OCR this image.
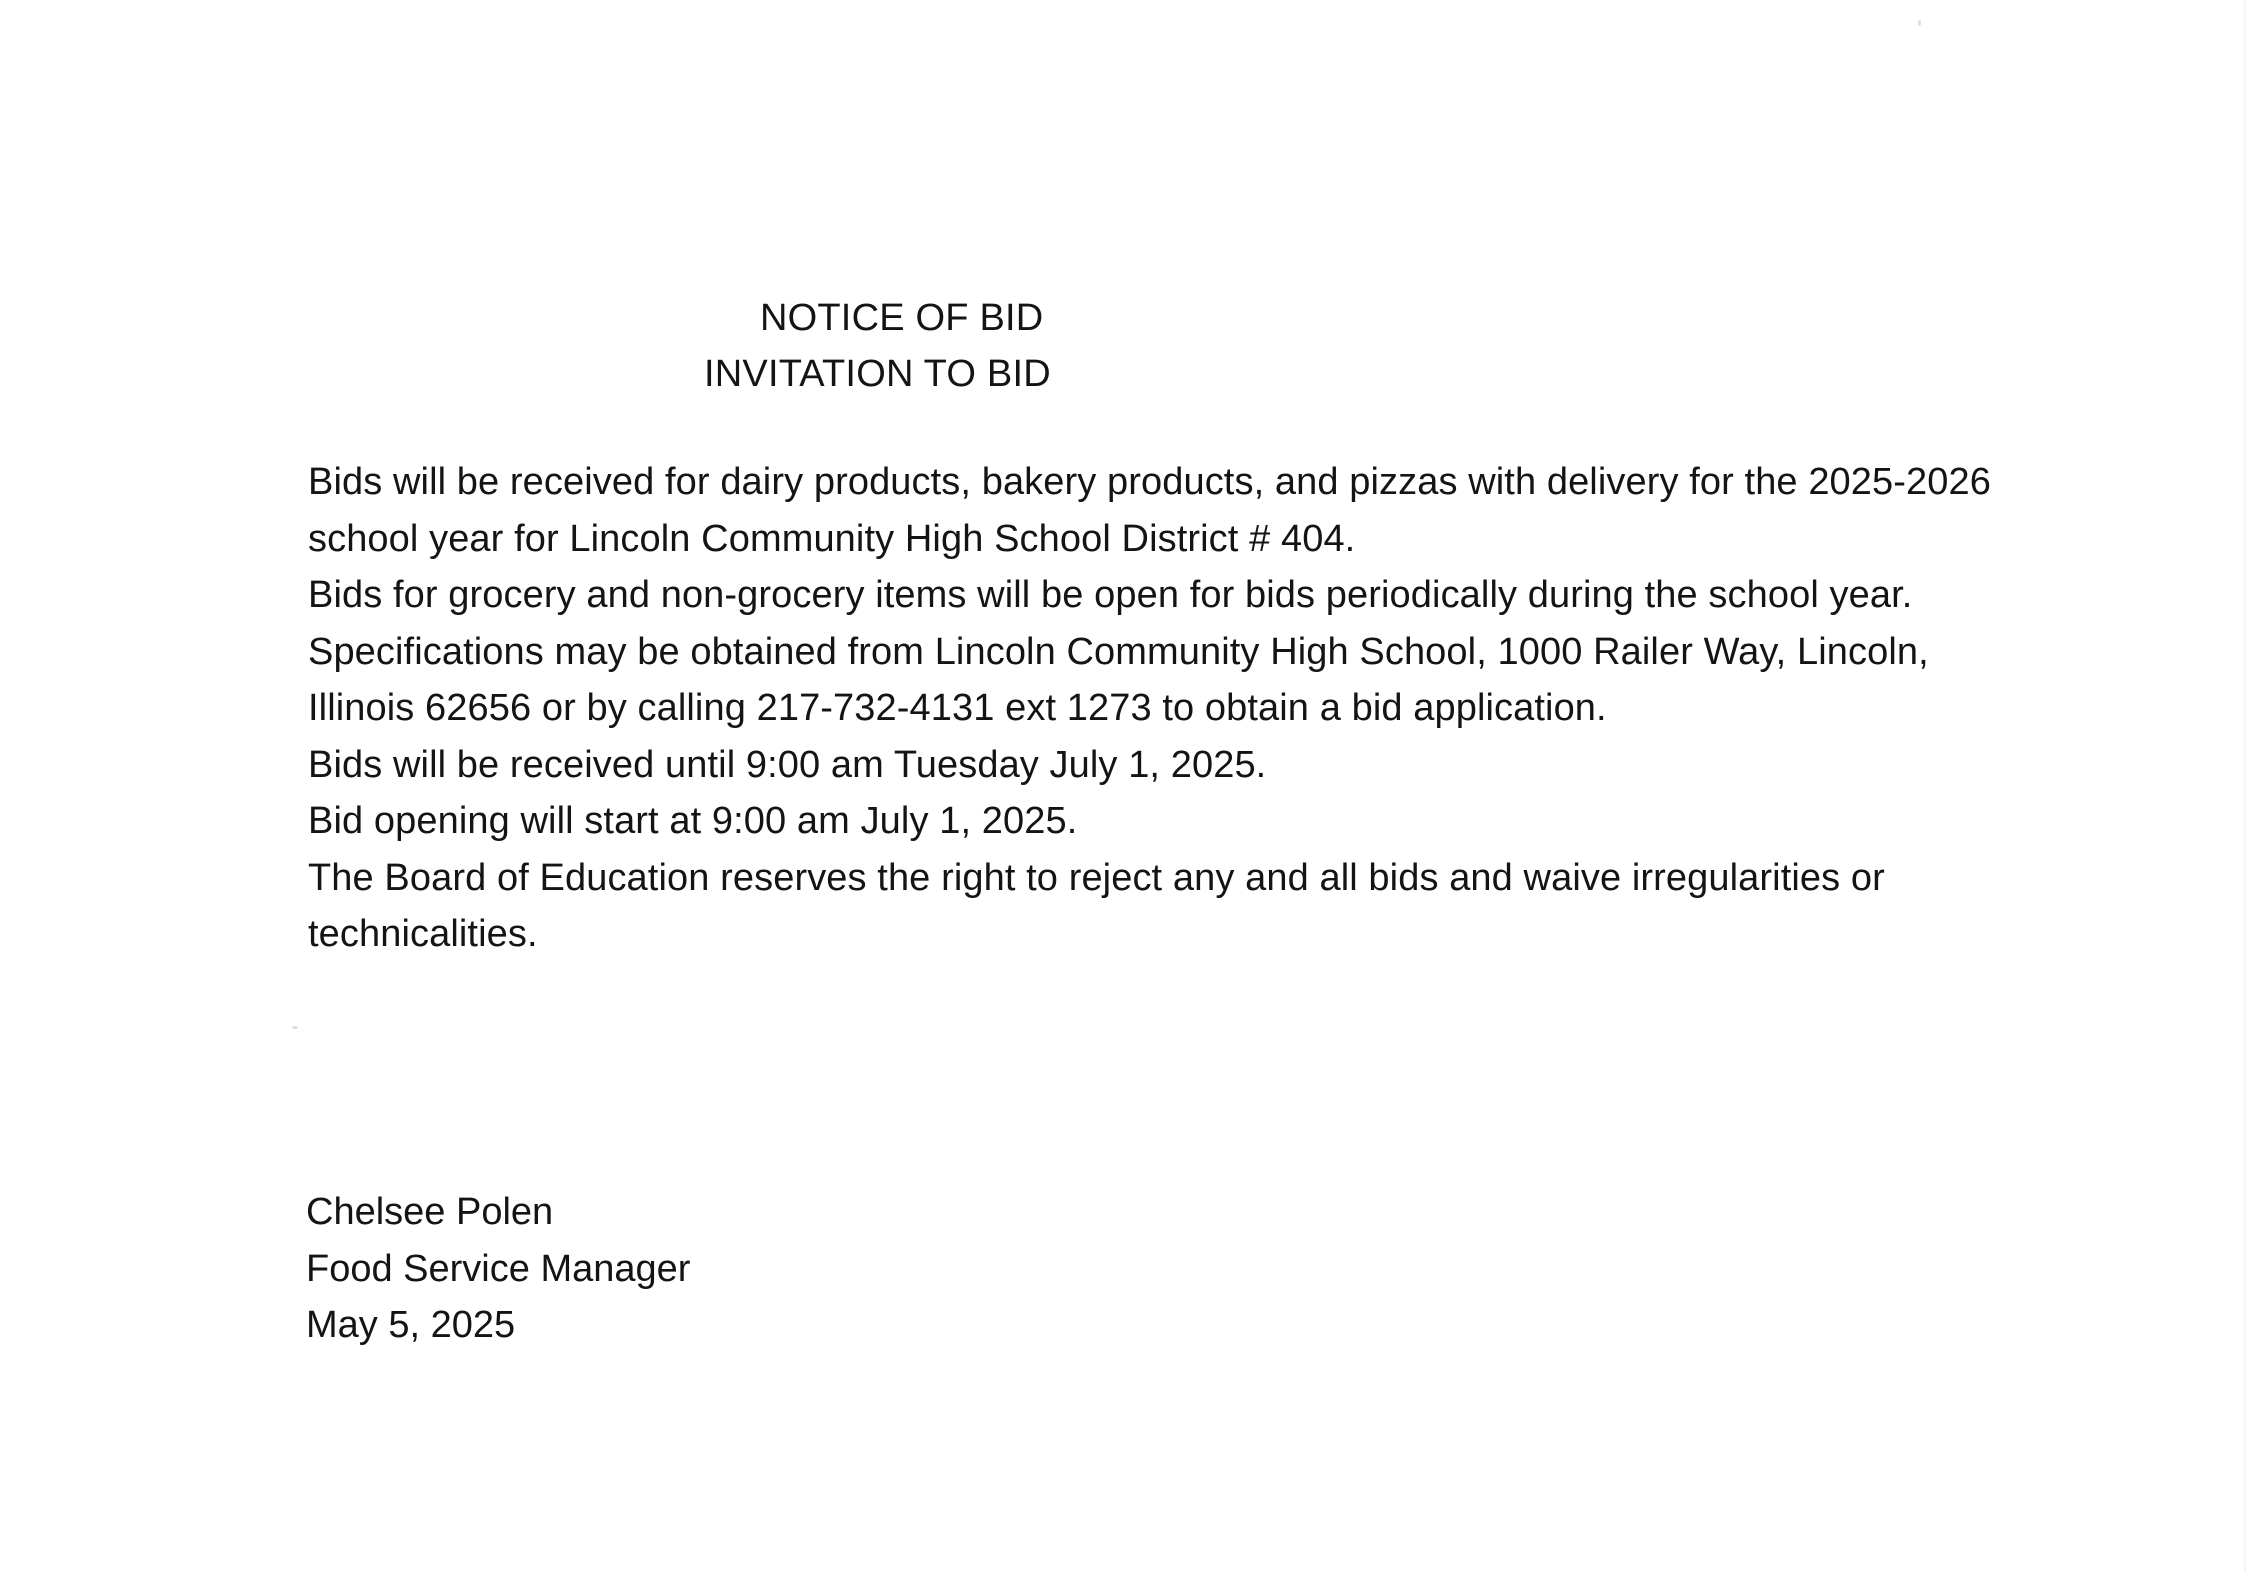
NOTICE OF BID
INVITATION TO BID

Bids will be received for dairy products, bakery products, and pizzas with delivery for the 2025-2026 school year for Lincoln Community High School District # 404.

Bids for grocery and non-grocery items will be open for bids periodically during the school year.

Specifications may be obtained from Lincoln Community High School, 1000 Railer Way, Lincoln, Illinois 62656 or by calling 217-732-4131 ext 1273 to obtain a bid application.

Bids will be received until 9:00 am Tuesday July 1, 2025.

Bid opening will start at 9:00 am July 1, 2025.

The Board of Education reserves the right to reject any and all bids and waive irregularities or technicalities.

Chelsee Polen
Food Service Manager
May 5, 2025
